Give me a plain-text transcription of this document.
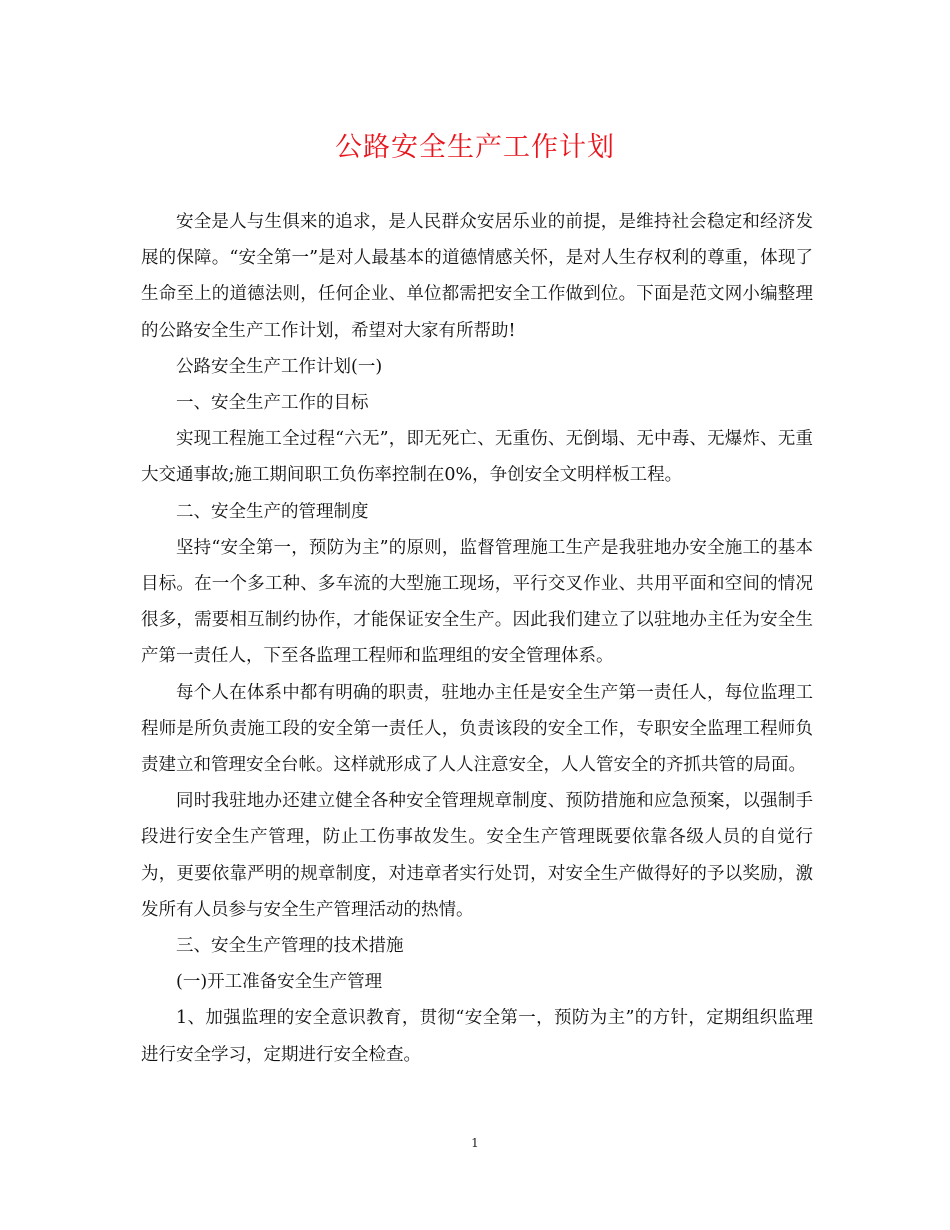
公路安全生产工作计划

安全是人与生俱来的追求，是人民群众安居乐业的前提，是维持社会稳定和经济发展的保障。“安全第一”是对人最基本的道德情感关怀，是对人生存权利的尊重，体现了生命至上的道德法则，任何企业、单位都需把安全工作做到位。下面是范文网小编整理的公路安全生产工作计划，希望对大家有所帮助!

公路安全生产工作计划(一)

一、安全生产工作的目标

实现工程施工全过程“六无”，即无死亡、无重伤、无倒塌、无中毒、无爆炸、无重大交通事故;施工期间职工负伤率控制在0%，争创安全文明样板工程。

二、安全生产的管理制度

坚持“安全第一，预防为主”的原则，监督管理施工生产是我驻地办安全施工的基本目标。在一个多工种、多车流的大型施工现场，平行交叉作业、共用平面和空间的情况很多，需要相互制约协作，才能保证安全生产。因此我们建立了以驻地办主任为安全生产第一责任人，下至各监理工程师和监理组的安全管理体系。

每个人在体系中都有明确的职责，驻地办主任是安全生产第一责任人，每位监理工程师是所负责施工段的安全第一责任人，负责该段的安全工作，专职安全监理工程师负责建立和管理安全台帐。这样就形成了人人注意安全，人人管安全的齐抓共管的局面。

同时我驻地办还建立健全各种安全管理规章制度、预防措施和应急预案，以强制手段进行安全生产管理，防止工伤事故发生。安全生产管理既要依靠各级人员的自觉行为，更要依靠严明的规章制度，对违章者实行处罚，对安全生产做得好的予以奖励，激发所有人员参与安全生产管理活动的热情。

三、安全生产管理的技术措施

(一)开工准备安全生产管理

1、加强监理的安全意识教育，贯彻“安全第一，预防为主”的方针，定期组织监理进行安全学习，定期进行安全检查。

1
